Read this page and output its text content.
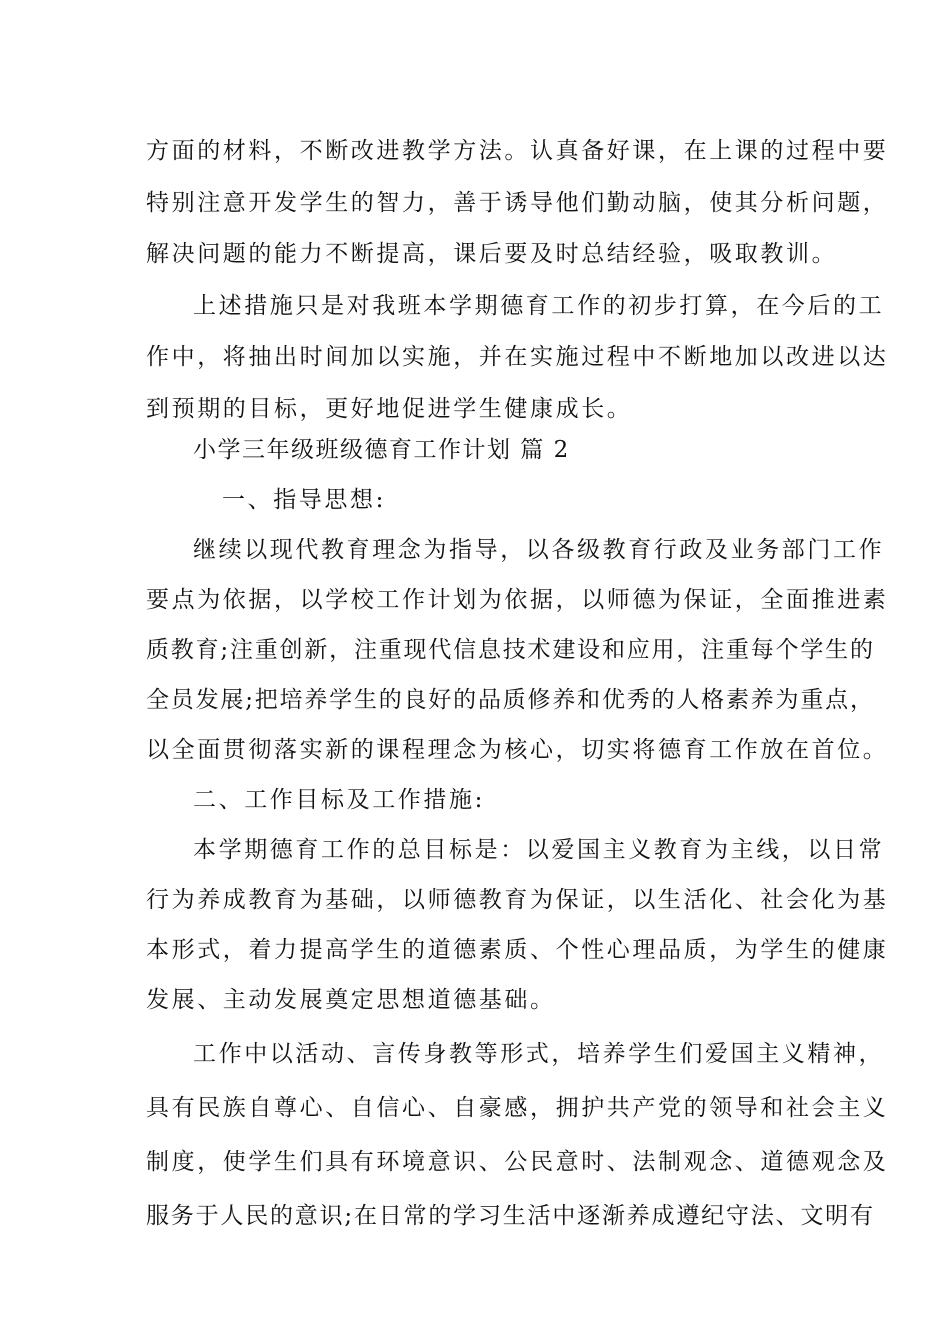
方面的材料，不断改进教学方法。认真备好课，在上课的过程中要
特别注意开发学生的智力，善于诱导他们勤动脑，使其分析问题，
解决问题的能力不断提高，课后要及时总结经验，吸取教训。
上述措施只是对我班本学期德育工作的初步打算，在今后的工
作中，将抽出时间加以实施，并在实施过程中不断地加以改进以达
到预期的目标，更好地促进学生健康成长。
小学三年级班级德育工作计划 篇 2
一、指导思想:
继续以现代教育理念为指导，以各级教育行政及业务部门工作
要点为依据，以学校工作计划为依据，以师德为保证，全面推进素
质教育;注重创新，注重现代信息技术建设和应用，注重每个学生的
全员发展;把培养学生的良好的品质修养和优秀的人格素养为重点，
以全面贯彻落实新的课程理念为核心，切实将德育工作放在首位。
二、工作目标及工作措施:
本学期德育工作的总目标是：以爱国主义教育为主线，以日常
行为养成教育为基础，以师德教育为保证，以生活化、社会化为基
本形式，着力提高学生的道德素质、个性心理品质，为学生的健康
发展、主动发展奠定思想道德基础。
工作中以活动、言传身教等形式，培养学生们爱国主义精神，
具有民族自尊心、自信心、自豪感，拥护共产党的领导和社会主义
制度，使学生们具有环境意识、公民意时、法制观念、道德观念及
服务于人民的意识;在日常的学习生活中逐渐养成遵纪守法、文明有
